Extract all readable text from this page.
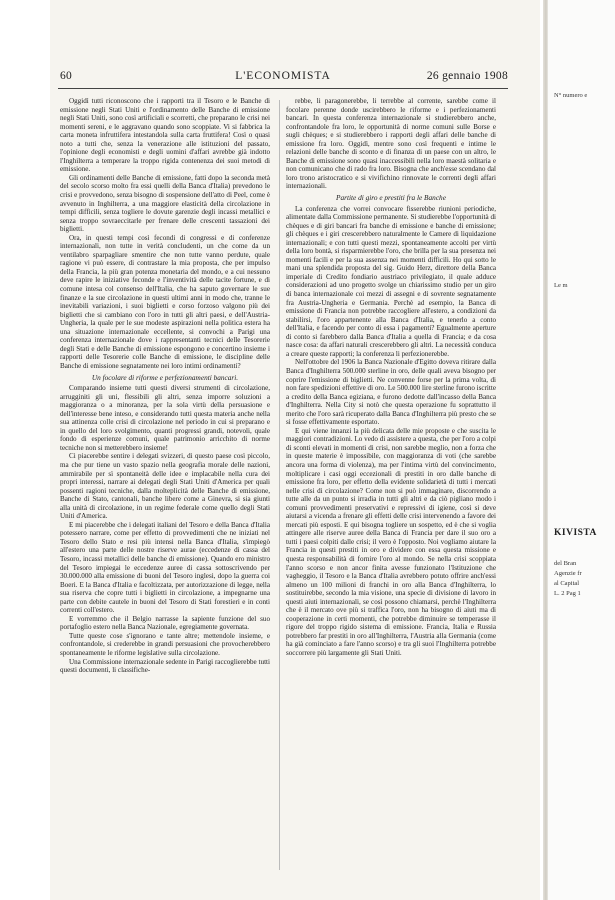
60	L'ECONOMISTA	26 gennaio 1908

Oggidì tutti riconoscono che i rapporti tra il Tesoro e le Banche di emissione negli Stati Uniti e l'ordinamento delle Banche di emissione negli Stati Uniti, sono così artificiali e scorretti, che preparano le crisi nei momenti sereni, e le aggravano quando sono scoppiate. Vi si fabbrica la carta moneta infruttifera intestandola sulla carta fruttifera! Così o quasi noto a tutti che, senza la venerazione alle istituzioni del passato, l'opinione degli economisti e degli uomini d'affari avrebbe già indotto l'Inghilterra a temperare la troppo rigida contenenza dei suoi metodi di emissione.

Gli ordinamenti delle Banche di emissione, fatti dopo la seconda metà del secolo scorso molto fra essi quelli della Banca d'Italia) prevedono le crisi e provvedono, senza bisogno di sospensione dell'atto di Peel, come è avvenuto in Inghilterra, a una maggiore elasticità della circolazione in tempi difficili, senza togliere le dovute garenzie degli incassi metallici e senza troppo sovraeccitarle per frenare delle crescenti tassazioni dei biglietti.

Ora, in questi tempi così fecondi di congressi e di conferenze internazionali, non tutte in verità concludenti, un che come da un ventilabro sparpagliare smentire che non tutte vanno perdute, quale ragione vi può essere, di contrastare la mia proposta, che per impulso della Francia, la più gran potenza monetaria del mondo, e a cui nessuno deve rapire le iniziative feconde e l'inventività delle tacite fortune, e di comune intesa col consenso dell'Italia, che ha saputo governare le sue finanze e la sue circolazione in questi ultimi anni in modo che, tranne le inevitabili variazioni, i suoi biglietti e corso forzoso valgono più dei biglietti che si cambiano con l'oro in tutti gli altri paesi, e dell'Austria-Ungheria, la quale per le sue modeste aspirazioni nella politica estera ha una situazione internazionale eccellente, si convochi a Parigi una conferenza internazionale dove i rappresentanti tecnici delle Tesorerie degli Stati e delle Banche di emissione espongono e concertino insieme i rapporti delle Tesorerie colle Banche di emissione, le discipline delle Banche di emissione segnatamente nei loro intimi ordinamenti?

Un focolare di riforme e perfezionamenti bancari.

Comparando insieme tutti questi diversi strumenti di circolazione, arrugginiti gli uni, flessibili gli altri, senza imporre soluzioni a maggioranza o a minoranza, per la sola virtù della persuasione e dell'interesse bene inteso, e considerando tutti questa materia anche nella sua attinenza colle crisi di circolazione nel periodo in cui si preparano e in quello del loro svolgimento, quanti progressi grandi, notevoli, quale fondo di esperienze comuni, quale patrimonio arricchito di norme tecniche non si metterebbero insieme!

Ci piacerebbe sentire i delegati svizzeri, di questo paese così piccolo, ma che pur tiene un vasto spazio nella geografia morale delle nazioni, ammirabile per sì spontaneità delle idee e implacabile nella cura dei propri interessi, narrare ai delegati degli Stati Uniti d'America per quali possenti ragioni tecniche, dalla molteplicità delle Banche di emissione, Banche di Stato, cantonali, banche libere come a Ginevra, si sia giunti alla unità di circolazione, in un regime federale come quello degli Stati Uniti d'America.

E mi piacerebbe che i delegati italiani del Tesoro e della Banca d'Italia potessero narrare, come per effetto di provvedimenti che ne iniziati nel Tesoro dello Stato e resi più intensi nella Banca d'Italia, s'impiegò all'estero una parte delle nostre riserve aurae (eccedenze di cassa del Tesoro, incassi metallici delle banche di emissione). Quando ero ministro del Tesoro impiegai le eccedenze auree di cassa sottoscrivendo per 30.000.000 alla emissione di buoni del Tesoro inglesi, dopo la guerra coi Boeri. E la Banca d'Italia e facoltizzata, per autorizzazione di legge, nella sua riserva che copre tutti i biglietti in circolazione, a impegnarne una parte con debite cautele in buoni del Tesoro di Stati forestieri e in conti correnti coll'estero.

E vorremmo che il Belgio narrasse la sapiente funzione del suo portafoglio estero nella Banca Nazionale, egregiamente governata.

Tutte queste cose s'ignorano e tante altre; mettendole insieme, e confrontandole, si crederebbe in grandi persuasioni che provocherebbero spontaneamente le riforme legislative sulla circolazione.

Una Commissione internazionale sedente in Parigi raccoglierebbe tutti questi documenti, li classifiche-

rebbe, li paragonerebbe, li terrebbe al corrente, sarebbe come il focolare perenne donde uscirebbero le riforme e i perfezionamenti bancari. In questa conferenza internazionale si studierebbero anche, confrontandole fra loro, le opportunità di norme comuni sulle Borse e sugli chèques; e si studierebbero i rapporti degli affari delle banche di emissione fra loro. Oggidì, mentre sono così frequenti e intime le relazioni delle banche di sconto e di finanza di un paese con un altro, le Banche di emissione sono quasi inaccessibili nella loro maestà solitaria e non comunicano che di rado fra loro. Bisogna che anch'esse scendano dal loro trono aristocratico e si vivifichino rinnovate le correnti degli affari internazionali.

Partite di giro e prestiti fra le Banche

La conferenza che vorrei convocare fisserebbe riunioni periodiche, alimentate dalla Commissione permanente. Si studierebbe l'opportunità di chèques e di giri bancari fra banche di emissione e banche di emissione; gli chèques e i giri crescerebbero naturalmente le Camere di liquidazione internazionali; e con tutti questi mezzi, spontaneamente accolti per virtù della loro bontà, si risparmierebbe l'oro, che brilla per la sua presenza nei momenti facili e per la sua assenza nei momenti difficili. Ho qui sotto le mani una splendida proposta del sig. Guido Herz, direttore della Banca imperiale di Credito fondiario austriaco privilegiato, il quale adduce considerazioni ad uno progetto svolge un chiarissimo studio per un giro di banca internazionale coi mezzi di assegni e di sovrente segnatamente fra Austria-Ungheria e Germania. Perchè ad esempio, la Banca di emissione di Francia non potrebbe raccogliere all'estero, a condizioni da stabilirsi, l'oro appartenente alla Banca d'Italia, e tenerlo a conto dell'Italia, e facendo per conto di essa i pagamenti? Egualmente aperture di conto si farebbero dalla Banca d'Italia a quella di Francia; e da cosa nasce cosa: da affari naturali crescerebbero gli altri. La necessità conduca a creare queste rapporti; la conferenza li perfezionerebbe.

Nell'ottobre del 1906 la Banca Nazionale d'Egitto doveva ritirare dalla Banca d'Inghilterra 500.000 sterline in oro, delle quali aveva bisogno per coprire l'emissione di biglietti. Ne convenne forse per la prima volta, di non fare spedizioni effettive di oro. Le 500.000 lire sterline furono iscritte a credito della Banca egiziana, e furono dedotte dall'incasso della Banca d'Inghilterra. Nella City si notò che questa operazione fu soprattutto il merito che l'oro sarà ricuperato dalla Banca d'Inghilterra più presto che se si fosse effettivamente esportato.

E qui viene innanzi la più delicata delle mie proposte e che suscita le maggiori contradizioni. Lo vedo di assistere a questa, che per l'oro a colpi di sconti elevati in momenti di crisi, non sarebbe meglio, non a forza che in queste materie è impossibile, con maggioranza di voti (che sarebbe ancora una forma di violenza), ma per l'intima virtù del convincimento, moltiplicare i casi oggi eccezionali di prestiti in oro dalle banche di emissione fra loro, per effetto della evidente solidarietà di tutti i mercati nelle crisi di circolazione? Come non si può immaginare, discorrendo a tutte alle da un punto si irradia in tutti gli altri e da ciò pigliano modo i comuni provvedimenti preservativi e repressivi di igiene, così si deve aiutarsi a vicenda a frenare gli effetti delle crisi intervenendo a favore dei mercati più esposti. E qui bisogna togliere un sospetto, ed è che si voglia attingere alle riserve auree della Banca di Francia per dare il suo oro a tutti i paesi colpiti dalle crisi; il vero è l'opposto. Noi vogliamo aiutare la Francia in questi prestiti in oro e dividere con essa questa missione e questa responsabilità di fornire l'oro al mondo. Se nella crisi scoppiata l'anno scorso e non ancor finita avesse funzionato l'Istituzione che vagheggio, il Tesoro e la Banca d'Italia avrebbero potuto offrire anch'essi almeno un 100 milioni di franchi in oro alla Banca d'Inghilterra, lo sostituirebbe, secondo la mia visione, una specie di divisione di lavoro in questi aiuti internazionali, se così possono chiamarsi, perchè l'Inghilterra che è il mercato ove più si traffica l'oro, non ha bisogno di aiuti ma di cooperazione in certi momenti, che potrebbe diminuire se temperasse il rigore del troppo rigido sistema di emissione. Francia, Italia e Russia potrebbero far prestiti in oro all'Inghilterra, l'Austria alla Germania (come ha già cominciato a fare l'anno scorso) e tra gli suoi l'Inghilterra potrebbe soccorrere più largamente gli Stati Uniti.

N° numero e
Le m
KIVISTA
del Bran
Agenzie fr
al Capital
L. 2 Pag 1
